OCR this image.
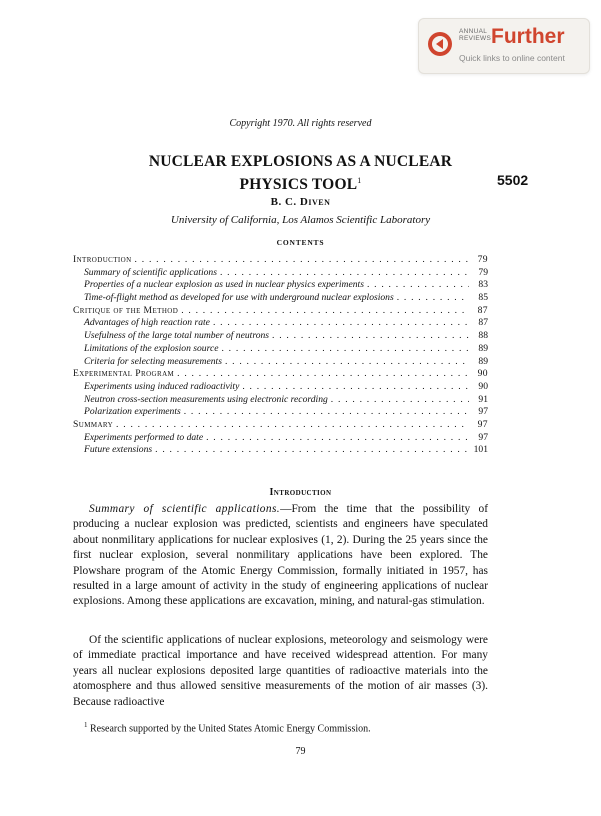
ANNUAL
REVIEWS Further
Quick links to online content
Copyright 1970. All rights reserved
NUCLEAR EXPLOSIONS AS A NUCLEAR
PHYSICS TOOL$^1$	5502
B. C. Diven
University of California, Los Alamos Scientific Laboratory
CONTENTS
Introduction . . .	79
Summary of scientific applications . . .	79
Properties of a nuclear explosion as used in nuclear physics experiments . . .	83
Time-of-flight method as developed for use with underground nuclear explosions . . .	85
Critique of the Method . . .	87
Advantages of high reaction rate . . .	87
Usefulness of the large total number of neutrons . . .	88
Limitations of the explosion source . . .	89
Criteria for selecting measurements . . .	89
Experimental Program . . .	90
Experiments using induced radioactivity . . .	90
Neutron cross-section measurements using electronic recording . . .	91
Polarization experiments . . .	97
Summary . . .	97
Experiments performed to date . . .	97
Future extensions . . .	101
Introduction

Summary of scientific applications.—From the time that the possibility of producing a nuclear explosion was predicted, scientists and engineers have speculated about nonmilitary applications for nuclear explosives (1, 2). During the 25 years since the first nuclear explosion, several nonmilitary applications have been explored. The Plowshare program of the Atomic Energy Commission, formally initiated in 1957, has resulted in a large amount of activity in the study of engineering applications of nuclear explosions. Among these applications are excavation, mining, and natural-gas stimulation.

Of the scientific applications of nuclear explosions, meteorology and seismology were of immediate practical importance and have received widespread attention. For many years all nuclear explosions deposited large quantities of radioactive materials into the atomosphere and thus allowed sensitive measurements of the motion of air masses (3). Because radioactive

$^1$ Research supported by the United States Atomic Energy Commission.
79
